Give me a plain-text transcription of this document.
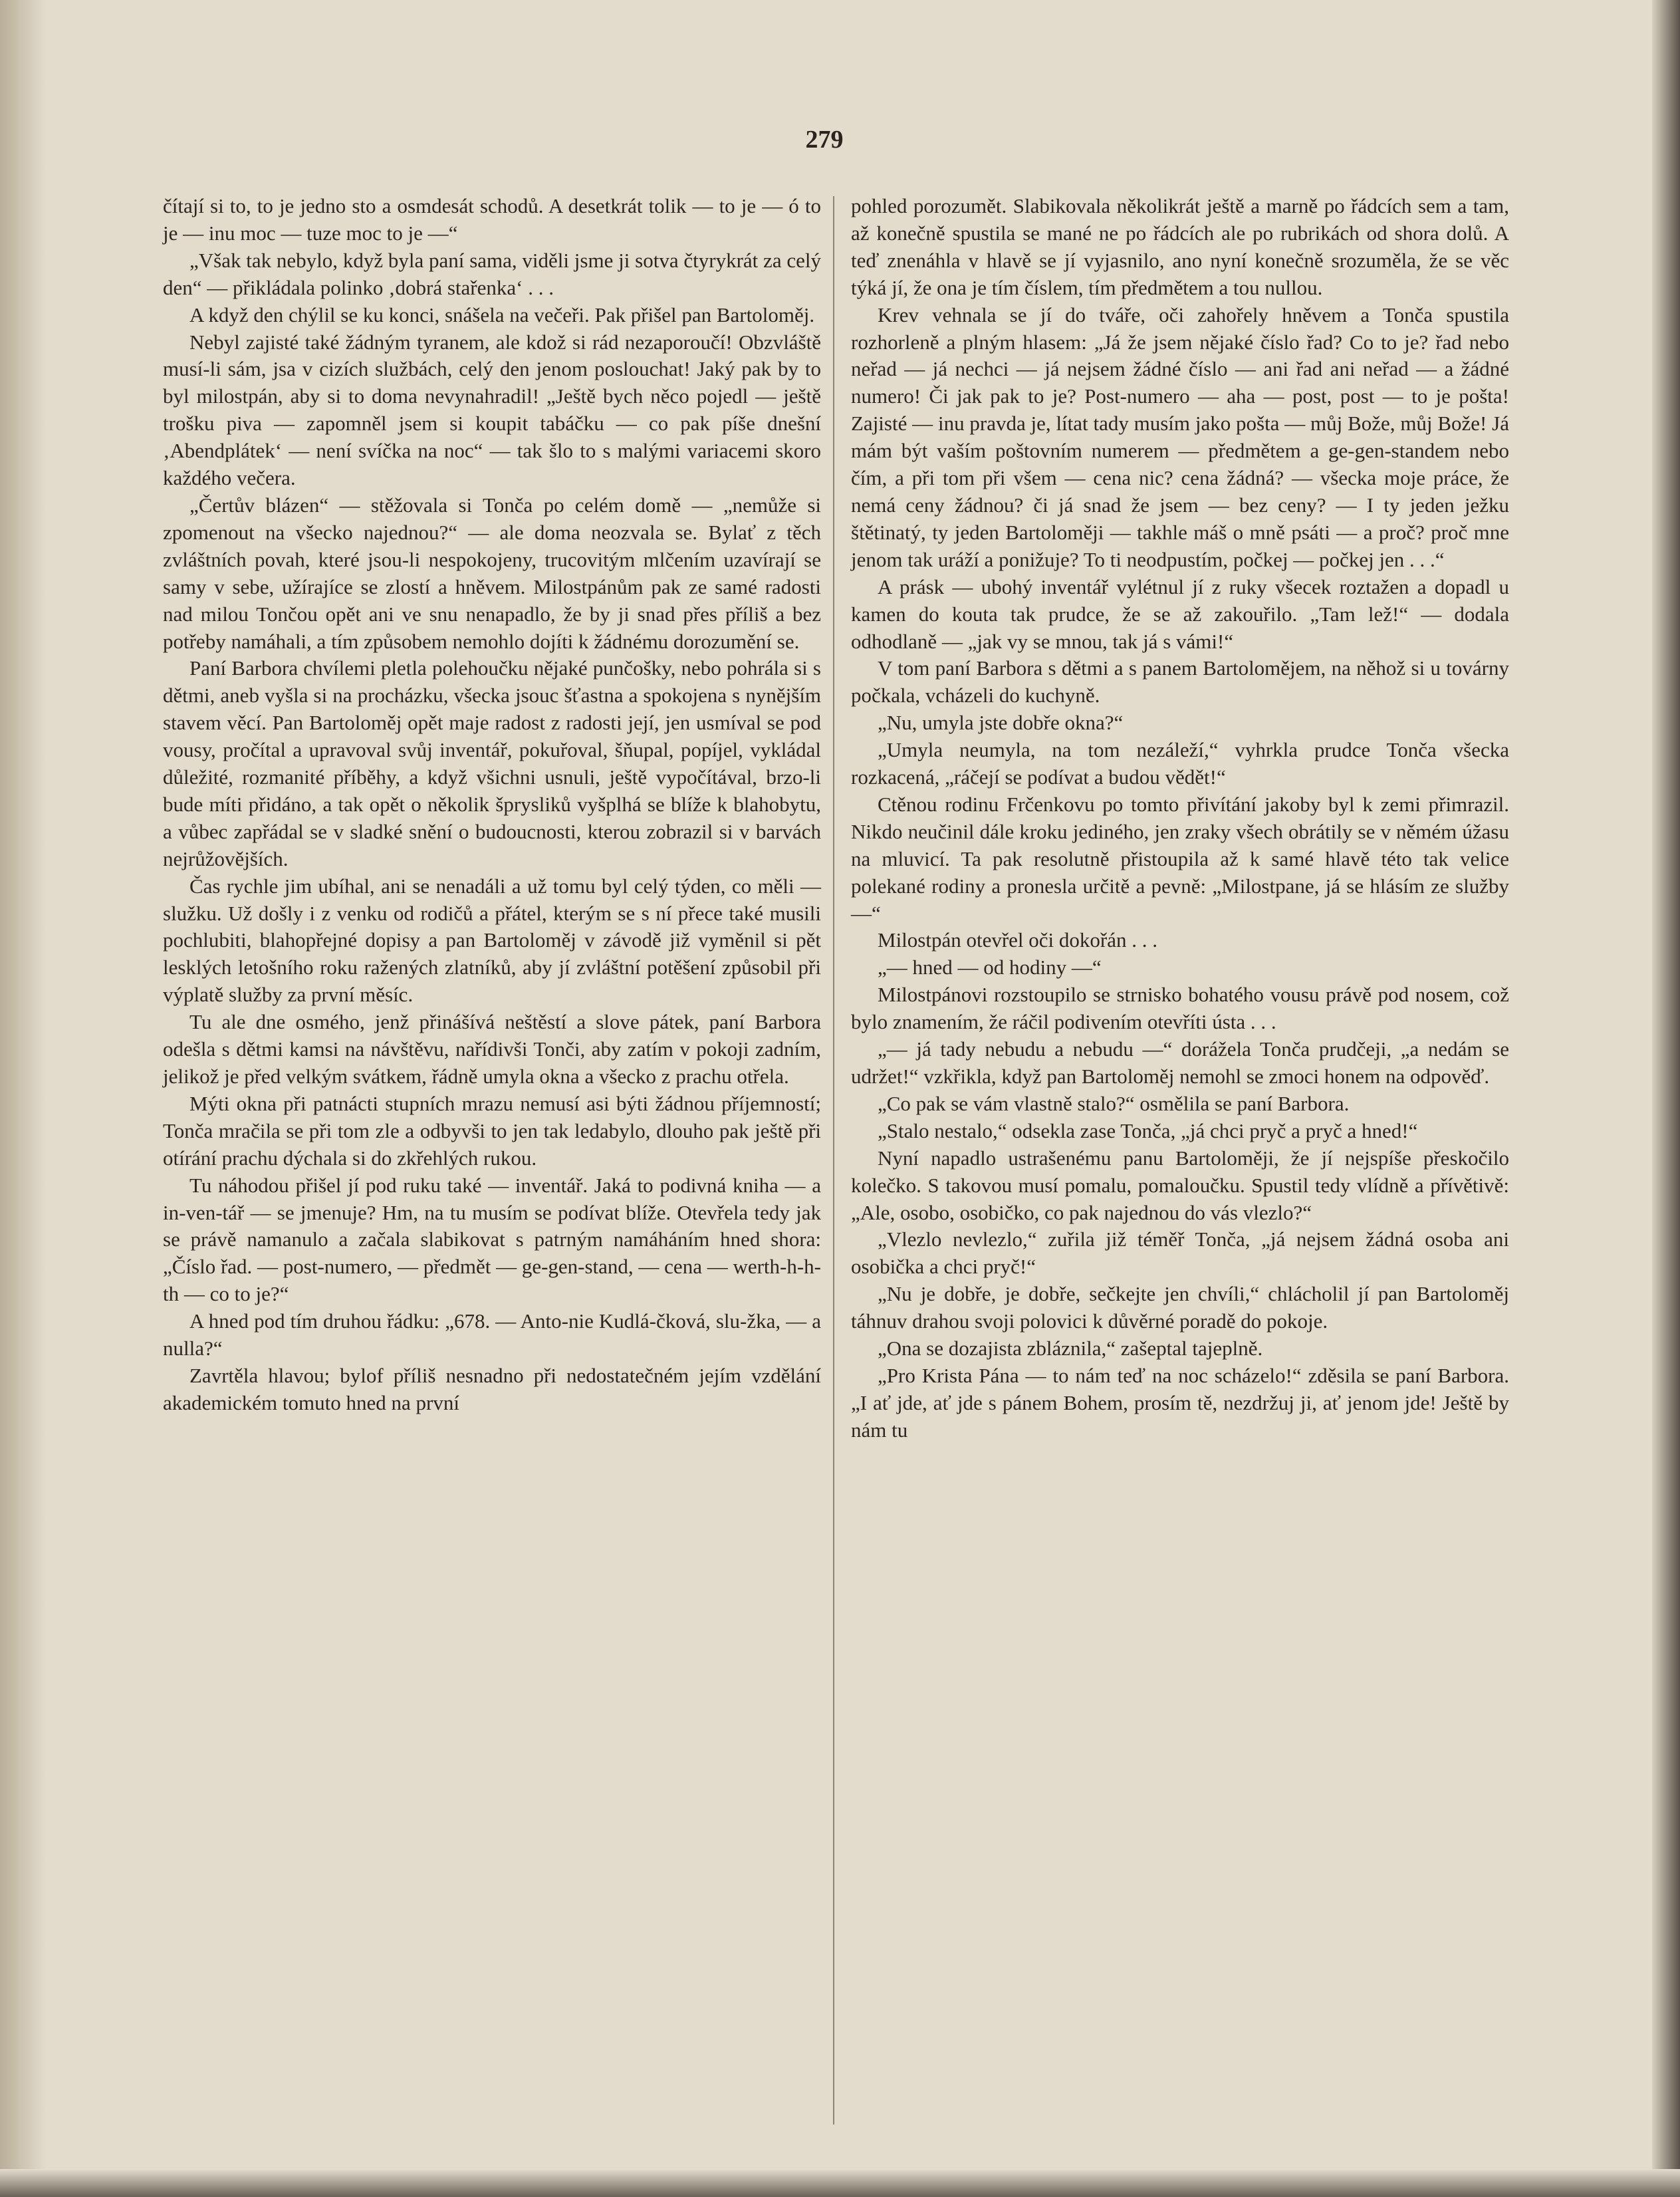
279

čítají si to, to je jedno sto a osmdesát schodů. A desetkrát tolik — to je — ó to je — inu moc — tuze moc to je —“

„Však tak nebylo, když byla paní sama, viděli jsme ji sotva čtyrykrát za celý den“ — přikládala polinko ‚dobrá stařenka‘ . . .

A když den chýlil se ku konci, snášela na večeři. Pak přišel pan Bartoloměj.

Nebyl zajisté také žádným tyranem, ale kdož si rád nezaporoučí! Obzvláště musí-li sám, jsa v cizích službách, celý den jenom poslouchat! Jaký pak by to byl milostpán, aby si to doma nevynahradil! „Ještě bych něco pojedl — ještě trošku piva — zapomněl jsem si koupit tabáčku — co pak píše dnešní ‚Abendplátek‘ — není svíčka na noc“ — tak šlo to s malými variacemi skoro každého večera.

„Čertův blázen“ — stěžovala si Tonča po celém domě — „nemůže si zpomenout na všecko najednou?“ — ale doma neozvala se. Bylať z těch zvláštních povah, které jsou-li nespokojeny, trucovitým mlčením uzavírají se samy v sebe, užírajíce se zlostí a hněvem. Milostpánům pak ze samé radosti nad milou Tončou opět ani ve snu nenapadlo, že by ji snad přes příliš a bez potřeby namáhali, a tím způsobem nemohlo dojíti k žádnému dorozumění se.

Paní Barbora chvílemi pletla polehoučku nějaké punčošky, nebo pohrála si s dětmi, aneb vyšla si na procházku, všecka jsouc šťastna a spokojena s nynějším stavem věcí. Pan Bartoloměj opět maje radost z radosti její, jen usmíval se pod vousy, pročítal a upravoval svůj inventář, pokuřoval, šňupal, popíjel, vykládal důležité, rozmanité příběhy, a když všichni usnuli, ještě vypočítával, brzo-li bude míti přidáno, a tak opět o několik šprysliků vyšplhá se blíže k blahobytu, a vůbec zapřádal se v sladké snění o budoucnosti, kterou zobrazil si v barvách nejrůžovějších.

Čas rychle jim ubíhal, ani se nenadáli a už tomu byl celý týden, co měli — služku. Už došly i z venku od rodičů a přátel, kterým se s ní přece také musili pochlubiti, blahopřejné dopisy a pan Bartoloměj v závodě již vyměnil si pět lesklých letošního roku ražených zlatníků, aby jí zvláštní potěšení způsobil při výplatě služby za první měsíc.

Tu ale dne osmého, jenž přinášívá neštěstí a slove pátek, paní Barbora odešla s dětmi kamsi na návštěvu, nařídivši Tonči, aby zatím v pokoji zadním, jelikož je před velkým svátkem, řádně umyla okna a všecko z prachu otřela.

Mýti okna při patnácti stupních mrazu nemusí asi býti žádnou příjemností; Tonča mračila se při tom zle a odbyvši to jen tak ledabylo, dlouho pak ještě při otírání prachu dýchala si do zkřehlých rukou.

Tu náhodou přišel jí pod ruku také — inventář. Jaká to podivná kniha — a in-ven-tář — se jmenuje? Hm, na tu musím se podívat blíže. Otevřela tedy jak se právě namanulo a začala slabikovat s patrným namáháním hned shora: „Číslo řad. — post-numero, — předmět — ge-gen-stand, — cena — werth-h-h-th — co to je?“

A hned pod tím druhou řádku: „678. — Anto-nie Kudlá-čková, slu-žka, — a nulla?“

Zavrtěla hlavou; bylof příliš nesnadno při nedostatečném jejím vzdělání akademickém tomuto hned na první

pohled porozumět. Slabikovala několikrát ještě a marně po řádcích sem a tam, až konečně spustila se mané ne po řádcích ale po rubrikách od shora dolů. A teď znenáhla v hlavě se jí vyjasnilo, ano nyní konečně srozuměla, že se věc týká jí, že ona je tím číslem, tím předmětem a tou nullou.

Krev vehnala se jí do tváře, oči zahořely hněvem a Tonča spustila rozhorleně a plným hlasem: „Já že jsem nějaké číslo řad? Co to je? řad nebo neřad — já nechci — já nejsem žádné číslo — ani řad ani neřad — a žádné numero! Či jak pak to je? Post-numero — aha — post, post — to je pošta! Zajisté — inu pravda je, lítat tady musím jako pošta — můj Bože, můj Bože! Já mám být vaším poštovním numerem — předmětem a ge-gen-standem nebo čím, a při tom při všem — cena nic? cena žádná? — všecka moje práce, že nemá ceny žádnou? či já snad že jsem — bez ceny? — I ty jeden ježku štětinatý, ty jeden Bartoloměji — takhle máš o mně psáti — a proč? proč mne jenom tak uráží a ponižuje? To ti neodpustím, počkej — počkej jen . . .“

A prásk — ubohý inventář vylétnul jí z ruky všecek roztažen a dopadl u kamen do kouta tak prudce, že se až zakouřilo. „Tam lež!“ — dodala odhodlaně — „jak vy se mnou, tak já s vámi!“

V tom paní Barbora s dětmi a s panem Bartolomějem, na něhož si u továrny počkala, vcházeli do kuchyně.

„Nu, umyla jste dobře okna?“

„Umyla neumyla, na tom nezáleží,“ vyhrkla prudce Tonča všecka rozkacená, „ráčejí se podívat a budou vědět!“

Ctěnou rodinu Frčenkovu po tomto přivítání jakoby byl k zemi přimrazil. Nikdo neučinil dále kroku jediného, jen zraky všech obrátily se v němém úžasu na mluvicí. Ta pak resolutně přistoupila až k samé hlavě této tak velice polekané rodiny a pronesla určitě a pevně: „Milostpane, já se hlásím ze služby —“

Milostpán otevřel oči dokořán . . .

„— hned — od hodiny —“

Milostpánovi rozstoupilo se strnisko bohatého vousu právě pod nosem, což bylo znamením, že ráčil podivením otevříti ústa . . .

„— já tady nebudu a nebudu —“ dorážela Tonča prudčeji, „a nedám se udržet!“ vzkřikla, když pan Bartoloměj nemohl se zmoci honem na odpověď.

„Co pak se vám vlastně stalo?“ osmělila se paní Barbora.

„Stalo nestalo,“ odsekla zase Tonča, „já chci pryč a pryč a hned!“

Nyní napadlo ustrašenému panu Bartoloměji, že jí nejspíše přeskočilo kolečko. S takovou musí pomalu, pomaloučku. Spustil tedy vlídně a přívětivě: „Ale, osobo, osobičko, co pak najednou do vás vlezlo?“

„Vlezlo nevlezlo,“ zuřila již téměř Tonča, „já nejsem žádná osoba ani osobička a chci pryč!“

„Nu je dobře, je dobře, sečkejte jen chvíli,“ chlácholil jí pan Bartoloměj táhnuv drahou svoji polovici k důvěrné poradě do pokoje.

„Ona se dozajista zbláznila,“ zašeptal tajeplně.

„Pro Krista Pána — to nám teď na noc scházelo!“ zděsila se paní Barbora. „I ať jde, ať jde s pánem Bohem, prosím tě, nezdržuj ji, ať jenom jde! Ještě by nám tu
